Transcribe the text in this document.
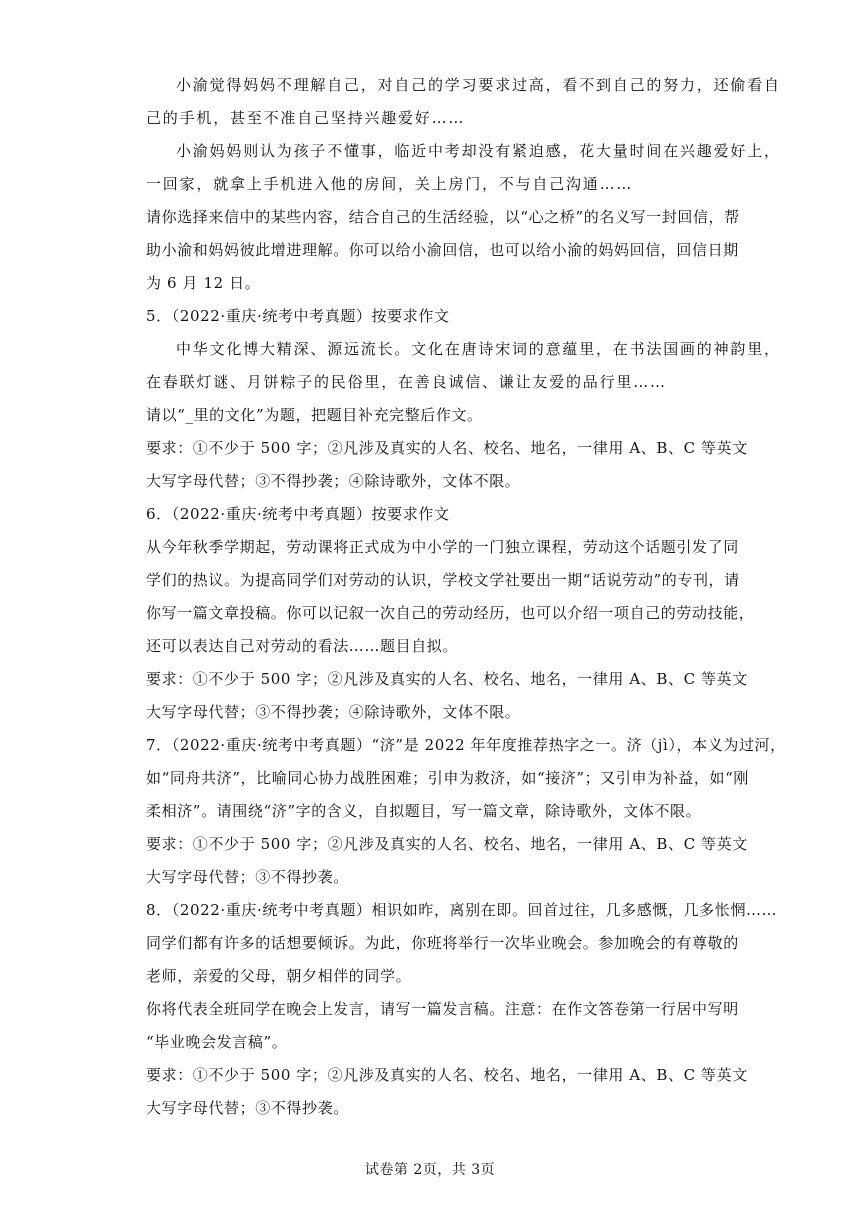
小渝觉得妈妈不理解自己，对自己的学习要求过高，看不到自己的努力，还偷看自
己的手机，甚至不准自己坚持兴趣爱好……
小渝妈妈则认为孩子不懂事，临近中考却没有紧迫感，花大量时间在兴趣爱好上，
一回家，就拿上手机进入他的房间，关上房门，不与自己沟通……
请你选择来信中的某些内容，结合自己的生活经验，以“心之桥”的名义写一封回信，帮
助小渝和妈妈彼此增进理解。你可以给小渝回信，也可以给小渝的妈妈回信，回信日期
为 6 月 12 日。
5．（2022·重庆·统考中考真题）按要求作文
中华文化博大精深、源远流长。文化在唐诗宋词的意蕴里，在书法国画的神韵里，
在春联灯谜、月饼粽子的民俗里，在善良诚信、谦让友爱的品行里……
请以“_里的文化”为题，把题目补充完整后作文。
要求：①不少于 500 字；②凡涉及真实的人名、校名、地名，一律用 A、B、C 等英文
大写字母代替；③不得抄袭；④除诗歌外，文体不限。
6．（2022·重庆·统考中考真题）按要求作文
从今年秋季学期起，劳动课将正式成为中小学的一门独立课程，劳动这个话题引发了同
学们的热议。为提高同学们对劳动的认识，学校文学社要出一期“话说劳动”的专刊，请
你写一篇文章投稿。你可以记叙一次自己的劳动经历，也可以介绍一项自己的劳动技能，
还可以表达自己对劳动的看法……题目自拟。
要求：①不少于 500 字；②凡涉及真实的人名、校名、地名，一律用 A、B、C 等英文
大写字母代替；③不得抄袭；④除诗歌外，文体不限。
7．（2022·重庆·统考中考真题）“济”是 2022 年年度推荐热字之一。济（jì），本义为过河，
如“同舟共济”，比喻同心协力战胜困难；引申为救济，如“接济”；又引申为补益，如“刚
柔相济”。请围绕“济”字的含义，自拟题目，写一篇文章，除诗歌外，文体不限。
要求：①不少于 500 字；②凡涉及真实的人名、校名、地名，一律用 A、B、C 等英文
大写字母代替；③不得抄袭。
8．（2022·重庆·统考中考真题）相识如昨，离别在即。回首过往，几多感慨，几多怅惘……
同学们都有许多的话想要倾诉。为此，你班将举行一次毕业晚会。参加晚会的有尊敬的
老师，亲爱的父母，朝夕相伴的同学。
你将代表全班同学在晚会上发言，请写一篇发言稿。注意：在作文答卷第一行居中写明
“毕业晚会发言稿”。
要求：①不少于 500 字；②凡涉及真实的人名、校名、地名，一律用 A、B、C 等英文
大写字母代替；③不得抄袭。
试卷第 2页，共 3页
